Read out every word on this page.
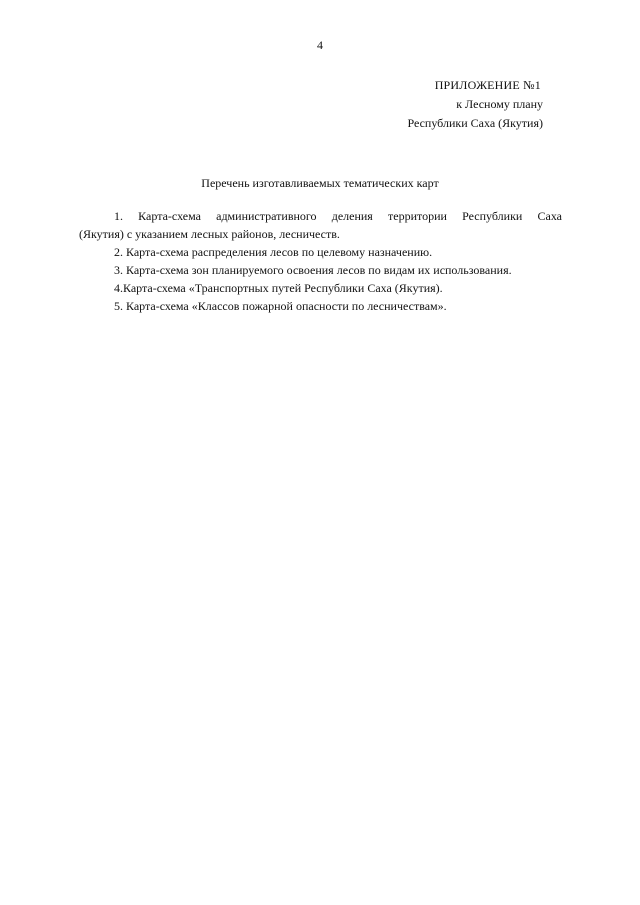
4
ПРИЛОЖЕНИЕ №1
к Лесному плану
Республики Саха (Якутия)
Перечень изготавливаемых тематических карт
1. Карта-схема административного деления территории Республики Саха
(Якутия) с указанием лесных районов, лесничеств.
2. Карта-схема распределения лесов по целевому назначению.
3. Карта-схема зон планируемого освоения лесов по видам их использования.
4.Карта-схема «Транспортных путей Республики Саха (Якутия).
5. Карта-схема «Классов пожарной опасности по лесничествам».
